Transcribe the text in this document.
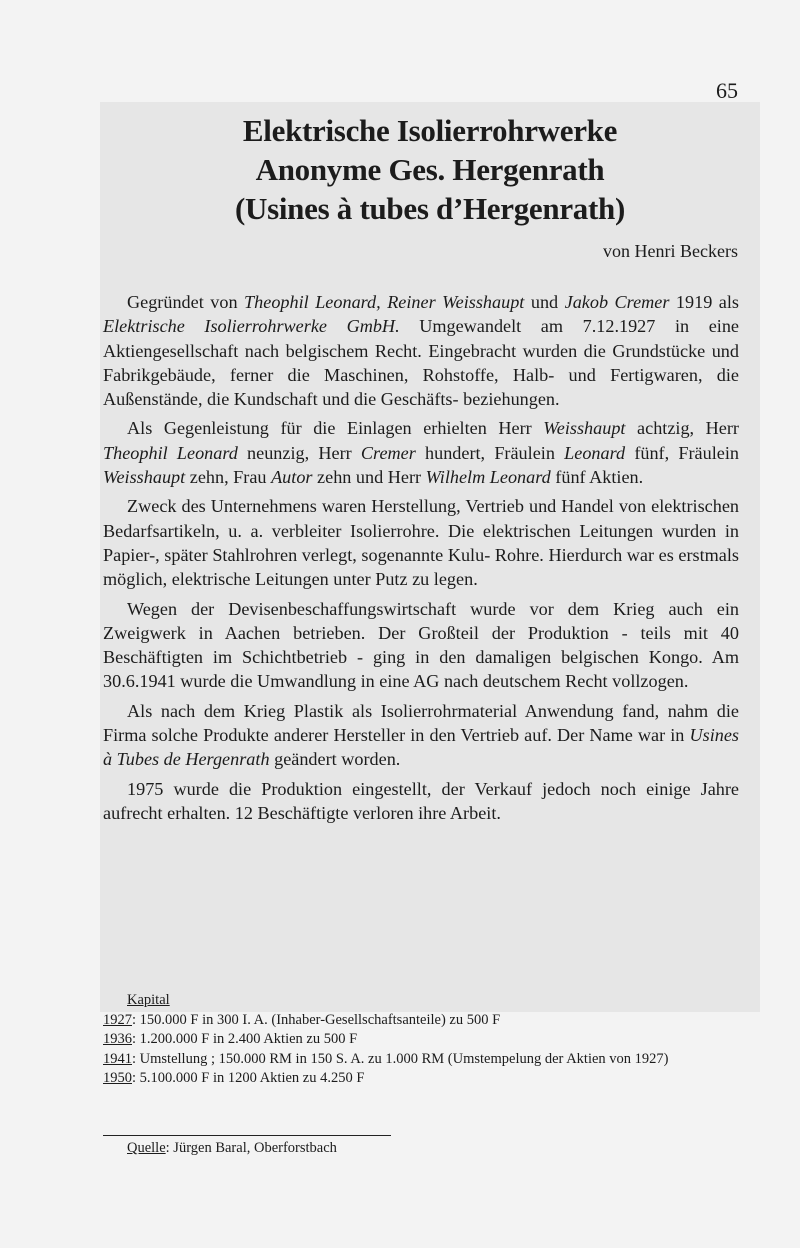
65
Elektrische Isolierrohrwerke
Anonyme Ges. Hergenrath
(Usines à tubes d’Hergenrath)
von Henri Beckers

Gegründet von Theophil Leonard, Reiner Weisshaupt und Jakob Cremer 1919 als Elektrische Isolierrohrwerke GmbH. Umgewandelt am 7.12.1927 in eine Aktiengesellschaft nach belgischem Recht. Eingebracht wurden die Grundstücke und Fabrikgebäude, ferner die Maschinen, Rohstoffe, Halb- und Fertigwaren, die Außenstände, die Kundschaft und die Geschäfts- beziehungen.

Als Gegenleistung für die Einlagen erhielten Herr Weisshaupt achtzig, Herr Theophil Leonard neunzig, Herr Cremer hundert, Fräulein Leonard fünf, Fräulein Weisshaupt zehn, Frau Autor zehn und Herr Wilhelm Leonard fünf Aktien.

Zweck des Unternehmens waren Herstellung, Vertrieb und Handel von elektrischen Bedarfsartikeln, u. a. verbleiter Isolierrohre. Die elektrischen Leitungen wurden in Papier-, später Stahlrohren verlegt, sogenannte Kulu- Rohre. Hierdurch war es erstmals möglich, elektrische Leitungen unter Putz zu legen.

Wegen der Devisenbeschaffungswirtschaft wurde vor dem Krieg auch ein Zweigwerk in Aachen betrieben. Der Großteil der Produktion - teils mit 40 Beschäftigten im Schichtbetrieb - ging in den damaligen belgischen Kongo. Am 30.6.1941 wurde die Umwandlung in eine AG nach deutschem Recht vollzogen.

Als nach dem Krieg Plastik als Isolierrohrmaterial Anwendung fand, nahm die Firma solche Produkte anderer Hersteller in den Vertrieb auf. Der Name war in Usines à Tubes de Hergenrath geändert worden.

1975 wurde die Produktion eingestellt, der Verkauf jedoch noch einige Jahre aufrecht erhalten. 12 Beschäftigte verloren ihre Arbeit.

Kapital
1927: 150.000 F in 300 I. A. (Inhaber-Gesellschaftsanteile) zu 500 F
1936: 1.200.000 F in 2.400 Aktien zu 500 F
1941: Umstellung ; 150.000 RM in 150 S. A. zu 1.000 RM (Umstempelung der Aktien von 1927)
1950: 5.100.000 F in 1200 Aktien zu 4.250 F
Quelle: Jürgen Baral, Oberforstbach
